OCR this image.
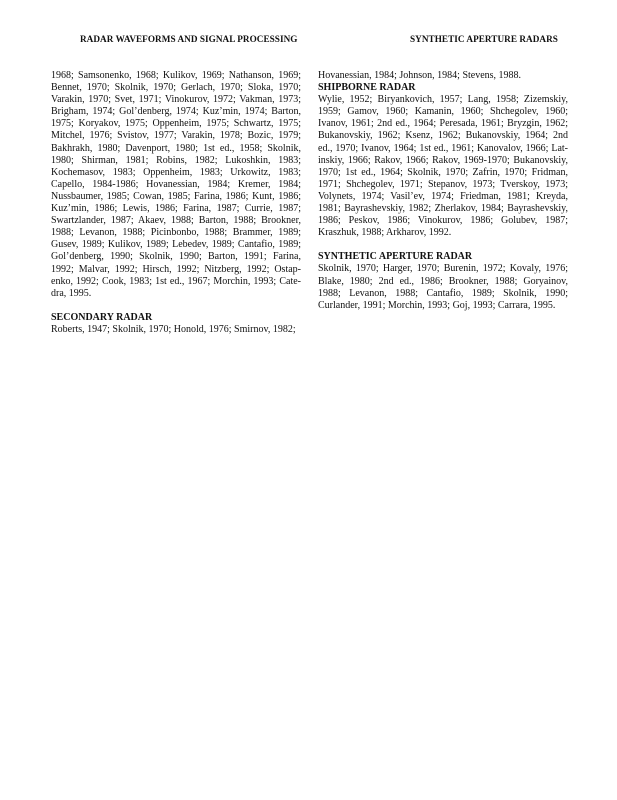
RADAR WAVEFORMS AND SIGNAL PROCESSING	SYNTHETIC APERTURE RADARS

1968; Samsonenko, 1968; Kulikov, 1969; Nathanson, 1969; Bennet, 1970; Skolnik, 1970; Gerlach, 1970; Sloka, 1970; Varakin, 1970; Svet, 1971; Vinokurov, 1972; Vakman, 1973; Brigham, 1974; Gol’denberg, 1974; Kuz’min, 1974; Barton, 1975; Koryakov, 1975; Oppenheim, 1975; Schwartz, 1975; Mitchel, 1976; Svistov, 1977; Varakin, 1978; Bozic, 1979; Bakhrakh, 1980; Davenport, 1980; 1st ed., 1958; Skolnik, 1980; Shirman, 1981; Robins, 1982; Lukoshkin, 1983; Kochemasov, 1983; Oppenheim, 1983; Urkowitz, 1983; Capello, 1984-1986; Hovanessian, 1984; Kremer, 1984; Nussbaumer, 1985; Cowan, 1985; Farina, 1986; Kunt, 1986; Kuz’min, 1986; Lewis, 1986; Farina, 1987; Currie, 1987; Swartzlander, 1987; Akaev, 1988; Barton, 1988; Brookner, 1988; Levanon, 1988; Picinbonbo, 1988; Brammer, 1989; Gusev, 1989; Kulikov, 1989; Lebedev, 1989; Cantafio, 1989; Gol’denberg, 1990; Skolnik, 1990; Barton, 1991; Farina, 1992; Malvar, 1992; Hirsch, 1992; Nitzberg, 1992; Ostap-enko, 1992; Cook, 1983; 1st ed., 1967; Morchin, 1993; Cate-dra, 1995.

SECONDARY RADAR

Roberts, 1947; Skolnik, 1970; Honold, 1976; Smirnov, 1982;

Hovanessian, 1984; Johnson, 1984; Stevens, 1988.

SHIPBORNE RADAR

Wylie, 1952; Biryankovich, 1957; Lang, 1958; Zizemskiy, 1959; Gamov, 1960; Kamanin, 1960; Shchegolev, 1960; Ivanov, 1961; 2nd ed., 1964; Peresada, 1961; Bryzgin, 1962; Bukanovskiy, 1962; Ksenz, 1962; Bukanovskiy, 1964; 2nd ed., 1970; Ivanov, 1964; 1st ed., 1961; Kanovalov, 1966; Lat-inskiy, 1966; Rakov, 1966; Rakov, 1969-1970; Bukanovskiy, 1970; 1st ed., 1964; Skolnik, 1970; Zafrin, 1970; Fridman, 1971; Shchegolev, 1971; Stepanov, 1973; Tverskoy, 1973; Volynets, 1974; Vasil’ev, 1974; Friedman, 1981; Kreyda, 1981; Bayrashevskiy, 1982; Zherlakov, 1984; Bayrashevskiy, 1986; Peskov, 1986; Vinokurov, 1986; Golubev, 1987; Kraszhuk, 1988; Arkharov, 1992.

SYNTHETIC APERTURE RADAR

Skolnik, 1970; Harger, 1970; Burenin, 1972; Kovaly, 1976; Blake, 1980; 2nd ed., 1986; Brookner, 1988; Goryainov, 1988; Levanon, 1988; Cantafio, 1989; Skolnik, 1990; Curlander, 1991; Morchin, 1993; Goj, 1993; Carrara, 1995.
